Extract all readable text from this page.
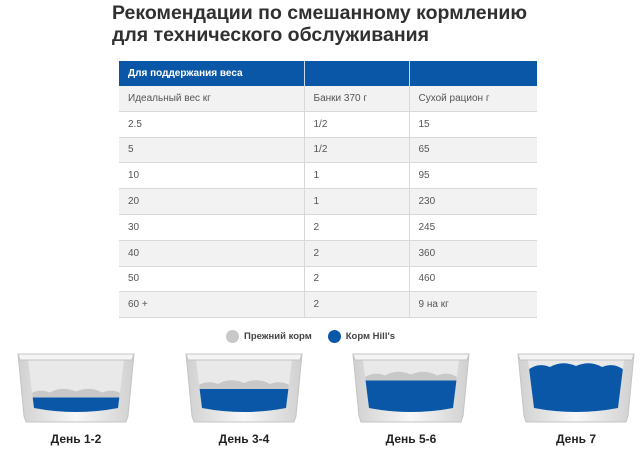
Рекомендации по смешанному кормлению
для технического обслуживания
Для поддержания веса		
Идеальный вес кг	Банки 370 г	Сухой рацион г
2.5	1/2	15
5	1/2	65
10	1	95
20	1	230
30	2	245
40	2	360
50	2	460
60 +	2	9 на кг
Прежний корм	Корм Hill's
День 1-2	День 3-4	День 5-6	День 7
